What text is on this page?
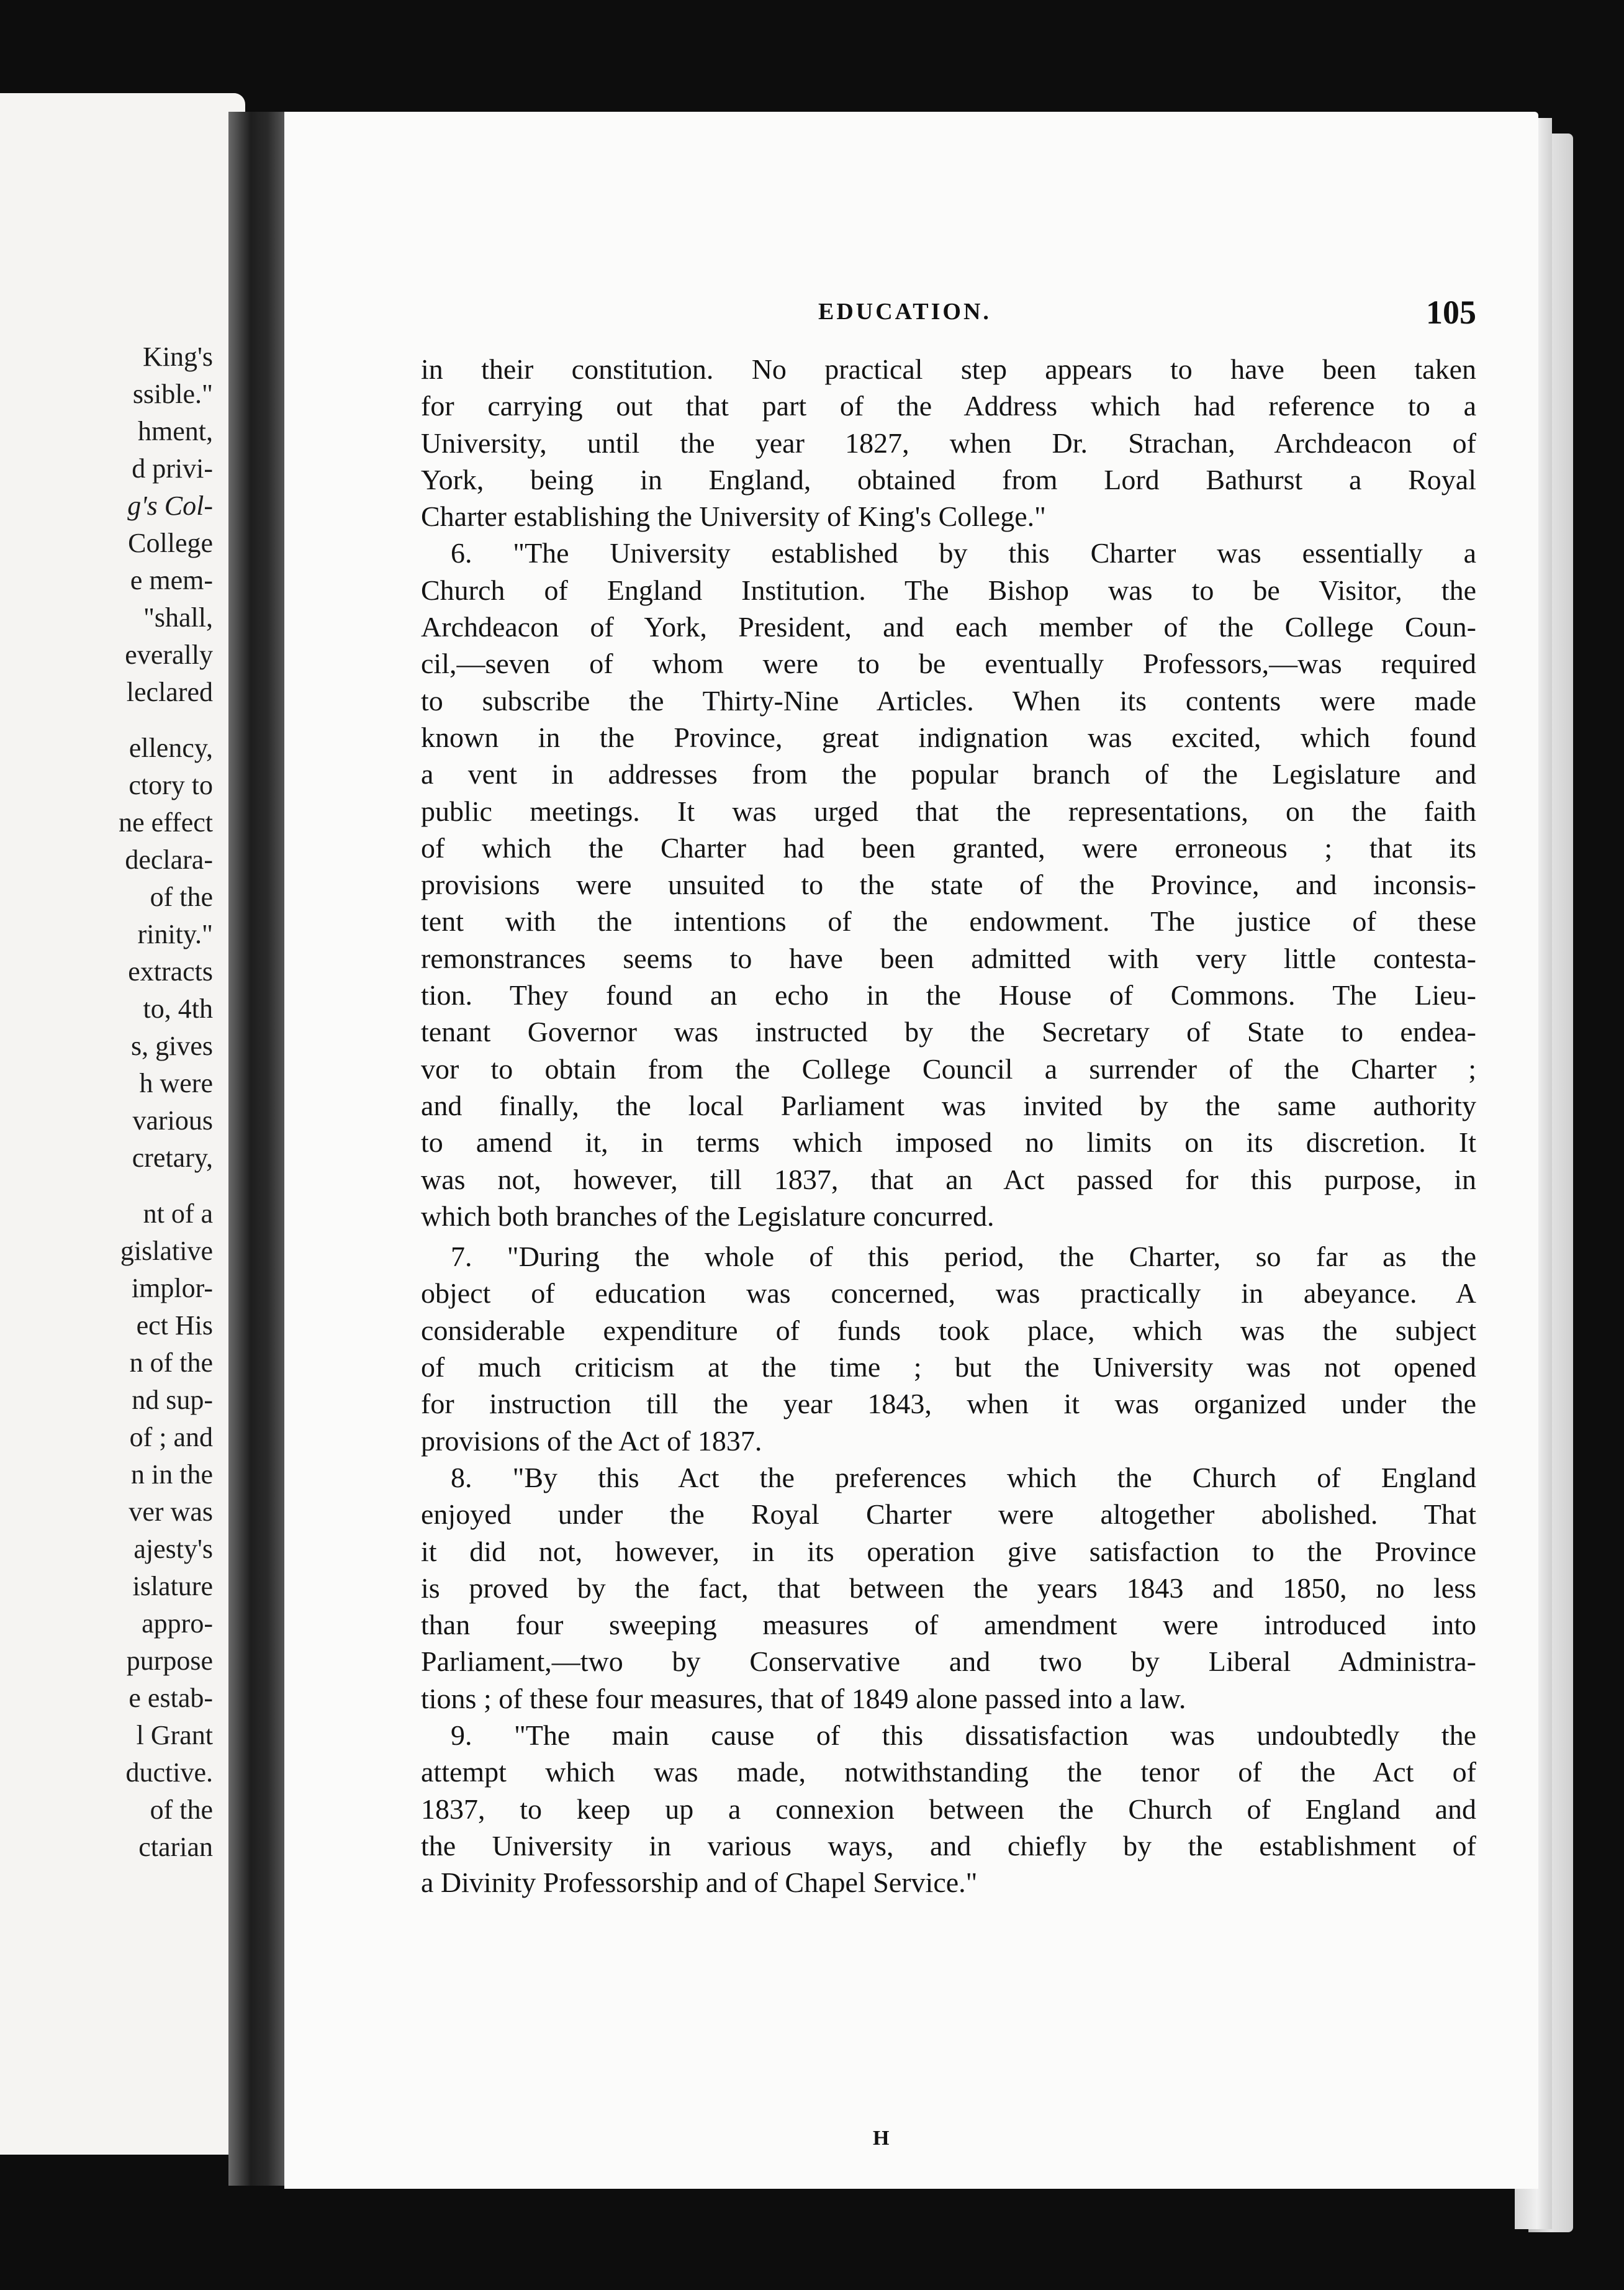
King's
ssible."
hment,
d privi-
g's Col-
College
e mem-
"shall,
everally
leclared
ellency,
ctory to
ne effect
declara-
of the
rinity."
extracts
to, 4th
s, gives
h were
various
cretary,
nt of a
gislative
implor-
ect His
n of the
nd sup-
of ; and
n in the
ver was
ajesty's
islature
appro-
purpose
e estab-
l Grant
ductive.
of the
ctarian
EDUCATION.	105
in their constitution. No practical step appears to have been taken
for carrying out that part of the Address which had reference to a
University, until the year 1827, when Dr. Strachan, Archdeacon of
York, being in England, obtained from Lord Bathurst a Royal
Charter establishing the University of King's College."
6. "The University established by this Charter was essentially a
Church of England Institution. The Bishop was to be Visitor, the
Archdeacon of York, President, and each member of the College Coun-
cil,—seven of whom were to be eventually Professors,—was required
to subscribe the Thirty-Nine Articles. When its contents were made
known in the Province, great indignation was excited, which found
a vent in addresses from the popular branch of the Legislature and
public meetings. It was urged that the representations, on the faith
of which the Charter had been granted, were erroneous ; that its
provisions were unsuited to the state of the Province, and inconsis-
tent with the intentions of the endowment. The justice of these
remonstrances seems to have been admitted with very little contesta-
tion. They found an echo in the House of Commons. The Lieu-
tenant Governor was instructed by the Secretary of State to endea-
vor to obtain from the College Council a surrender of the Charter ;
and finally, the local Parliament was invited by the same authority
to amend it, in terms which imposed no limits on its discretion. It
was not, however, till 1837, that an Act passed for this purpose, in
which both branches of the Legislature concurred.
7. "During the whole of this period, the Charter, so far as the
object of education was concerned, was practically in abeyance. A
considerable expenditure of funds took place, which was the subject
of much criticism at the time ; but the University was not opened
for instruction till the year 1843, when it was organized under the
provisions of the Act of 1837.
8. "By this Act the preferences which the Church of England
enjoyed under the Royal Charter were altogether abolished. That
it did not, however, in its operation give satisfaction to the Province
is proved by the fact, that between the years 1843 and 1850, no less
than four sweeping measures of amendment were introduced into
Parliament,—two by Conservative and two by Liberal Administra-
tions ; of these four measures, that of 1849 alone passed into a law.
9. "The main cause of this dissatisfaction was undoubtedly the
attempt which was made, notwithstanding the tenor of the Act of
1837, to keep up a connexion between the Church of England and
the University in various ways, and chiefly by the establishment of
a Divinity Professorship and of Chapel Service."
H
